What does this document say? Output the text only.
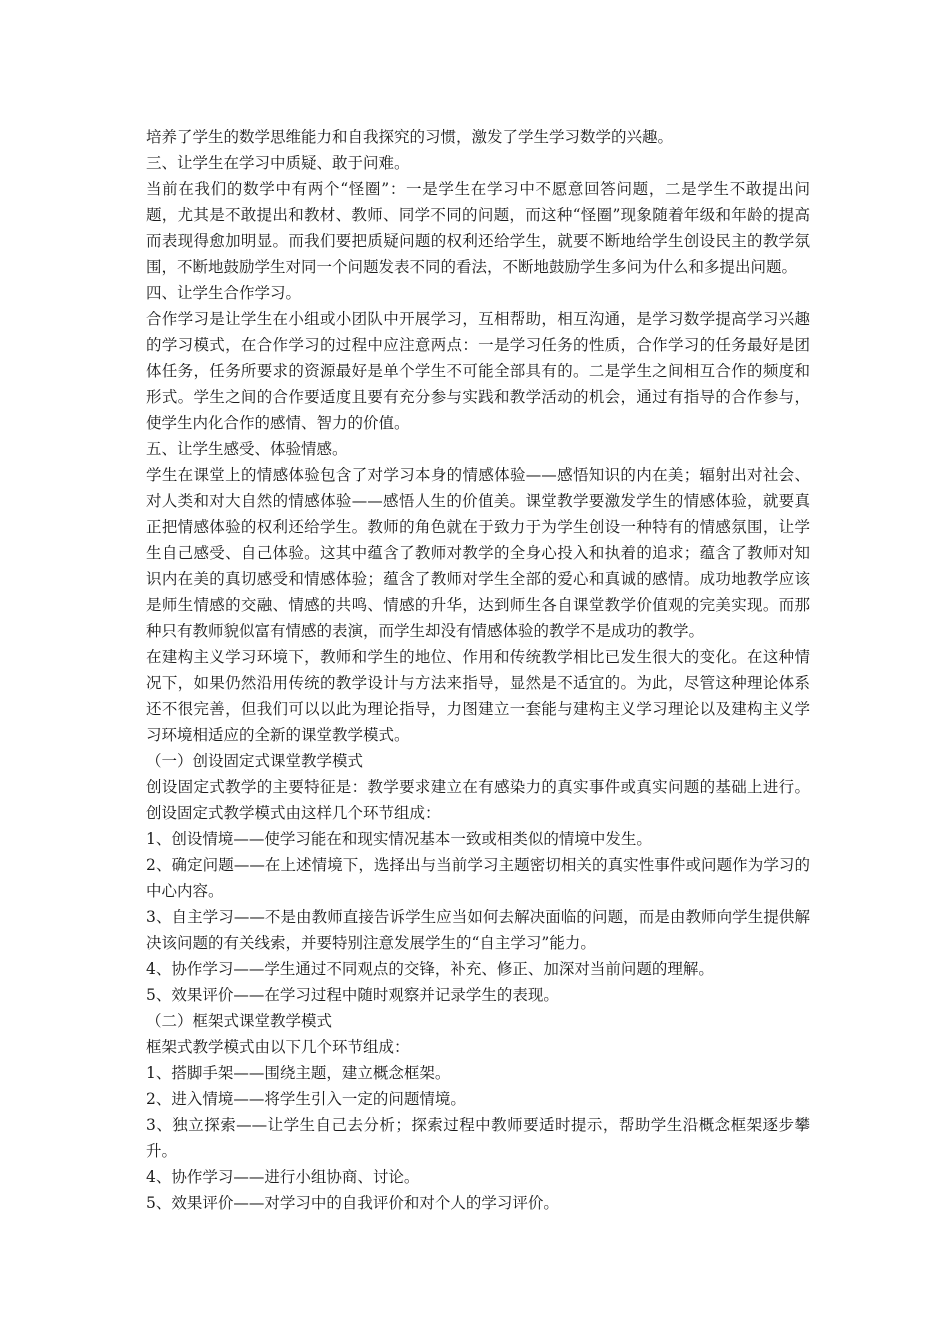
培养了学生的数学思维能力和自我探究的习惯，激发了学生学习数学的兴趣。

三、让学生在学习中质疑、敢于问难。

当前在我们的数学中有两个“怪圈”：一是学生在学习中不愿意回答问题，二是学生不敢提出问题，尤其是不敢提出和教材、教师、同学不同的问题，而这种“怪圈”现象随着年级和年龄的提高而表现得愈加明显。而我们要把质疑问题的权利还给学生，就要不断地给学生创设民主的教学氛围，不断地鼓励学生对同一个问题发表不同的看法，不断地鼓励学生多问为什么和多提出问题。

四、让学生合作学习。

合作学习是让学生在小组或小团队中开展学习，互相帮助，相互沟通，是学习数学提高学习兴趣的学习模式，在合作学习的过程中应注意两点：一是学习任务的性质，合作学习的任务最好是团体任务，任务所要求的资源最好是单个学生不可能全部具有的。二是学生之间相互合作的频度和形式。学生之间的合作要适度且要有充分参与实践和教学活动的机会，通过有指导的合作参与，使学生内化合作的感情、智力的价值。

五、让学生感受、体验情感。

学生在课堂上的情感体验包含了对学习本身的情感体验——感悟知识的内在美；辐射出对社会、对人类和对大自然的情感体验——感悟人生的价值美。课堂教学要激发学生的情感体验，就要真正把情感体验的权利还给学生。教师的角色就在于致力于为学生创设一种特有的情感氛围，让学生自己感受、自己体验。这其中蕴含了教师对教学的全身心投入和执着的追求；蕴含了教师对知识内在美的真切感受和情感体验；蕴含了教师对学生全部的爱心和真诚的感情。成功地教学应该是师生情感的交融、情感的共鸣、情感的升华，达到师生各自课堂教学价值观的完美实现。而那种只有教师貌似富有情感的表演，而学生却没有情感体验的教学不是成功的教学。

在建构主义学习环境下，教师和学生的地位、作用和传统教学相比已发生很大的变化。在这种情况下，如果仍然沿用传统的教学设计与方法来指导，显然是不适宜的。为此，尽管这种理论体系还不很完善，但我们可以以此为理论指导，力图建立一套能与建构主义学习理论以及建构主义学习环境相适应的全新的课堂教学模式。

（一）创设固定式课堂教学模式

创设固定式教学的主要特征是：教学要求建立在有感染力的真实事件或真实问题的基础上进行。创设固定式教学模式由这样几个环节组成：

1、创设情境——使学习能在和现实情况基本一致或相类似的情境中发生。

2、确定问题——在上述情境下，选择出与当前学习主题密切相关的真实性事件或问题作为学习的中心内容。

3、自主学习——不是由教师直接告诉学生应当如何去解决面临的问题，而是由教师向学生提供解决该问题的有关线索，并要特别注意发展学生的“自主学习”能力。

4、协作学习——学生通过不同观点的交锋，补充、修正、加深对当前问题的理解。

5、效果评价——在学习过程中随时观察并记录学生的表现。

（二）框架式课堂教学模式

框架式教学模式由以下几个环节组成：

1、搭脚手架——围绕主题，建立概念框架。

2、进入情境——将学生引入一定的问题情境。

3、独立探索——让学生自己去分析；探索过程中教师要适时提示，帮助学生沿概念框架逐步攀升。

4、协作学习——进行小组协商、讨论。

5、效果评价——对学习中的自我评价和对个人的学习评价。
